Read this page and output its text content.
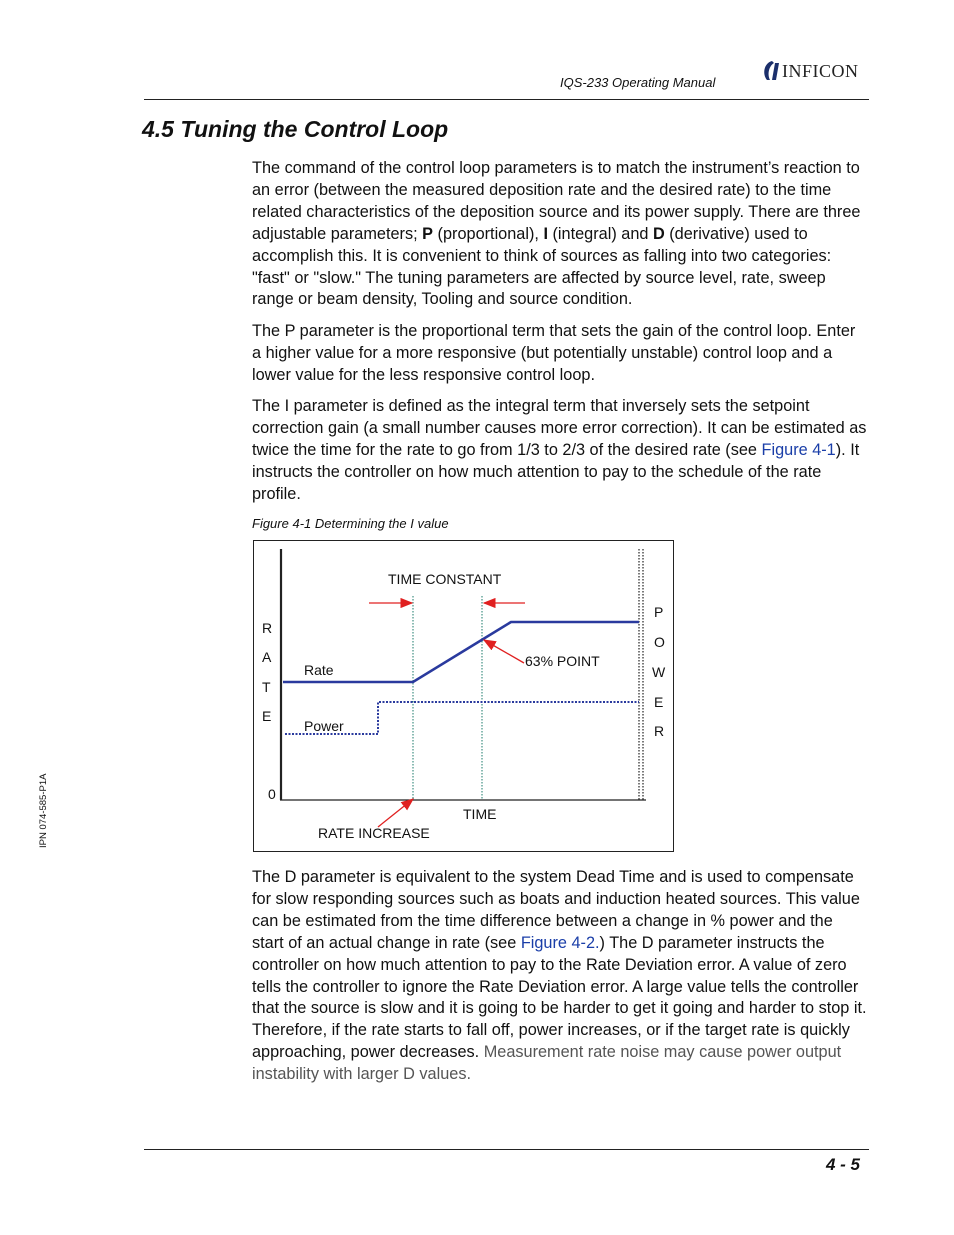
IQS-233 Operating Manual
INFICON
4.5 Tuning the Control Loop

The command of the control loop parameters is to match the instrument’s reaction to an error (between the measured deposition rate and the desired rate) to the time related characteristics of the deposition source and its power supply. There are three adjustable parameters; P (proportional), I (integral) and D (derivative) used to accomplish this. It is convenient to think of sources as falling into two categories: "fast" or "slow." The tuning parameters are affected by source level, rate, sweep range or beam density, Tooling and source condition.

The P parameter is the proportional term that sets the gain of the control loop. Enter a higher value for a more responsive (but potentially unstable) control loop and a lower value for the less responsive control loop.

The I parameter is defined as the integral term that inversely sets the setpoint correction gain (a small number causes more error correction). It can be estimated as twice the time for the rate to go from 1/3 to 2/3 of the desired rate (see Figure 4-1). It instructs the controller on how much attention to pay to the schedule of the rate profile.

Figure 4-1 Determining the I value
TIME CONSTANT
Rate
Power
63% POINT
TIME
RATE INCREASE
0
R
A
T
E
P
O
W
E
R

The D parameter is equivalent to the system Dead Time and is used to compensate for slow responding sources such as boats and induction heated sources. This value can be estimated from the time difference between a change in % power and the start of an actual change in rate (see Figure 4-2.) The D parameter instructs the controller on how much attention to pay to the Rate Deviation error. A value of zero tells the controller to ignore the Rate Deviation error. A large value tells the controller that the source is slow and it is going to be harder to get it going and harder to stop it. Therefore, if the rate starts to fall off, power increases, or if the target rate is quickly approaching, power decreases. Measurement rate noise may cause power output instability with larger D values.

IPN 074-585-P1A
4 - 5
